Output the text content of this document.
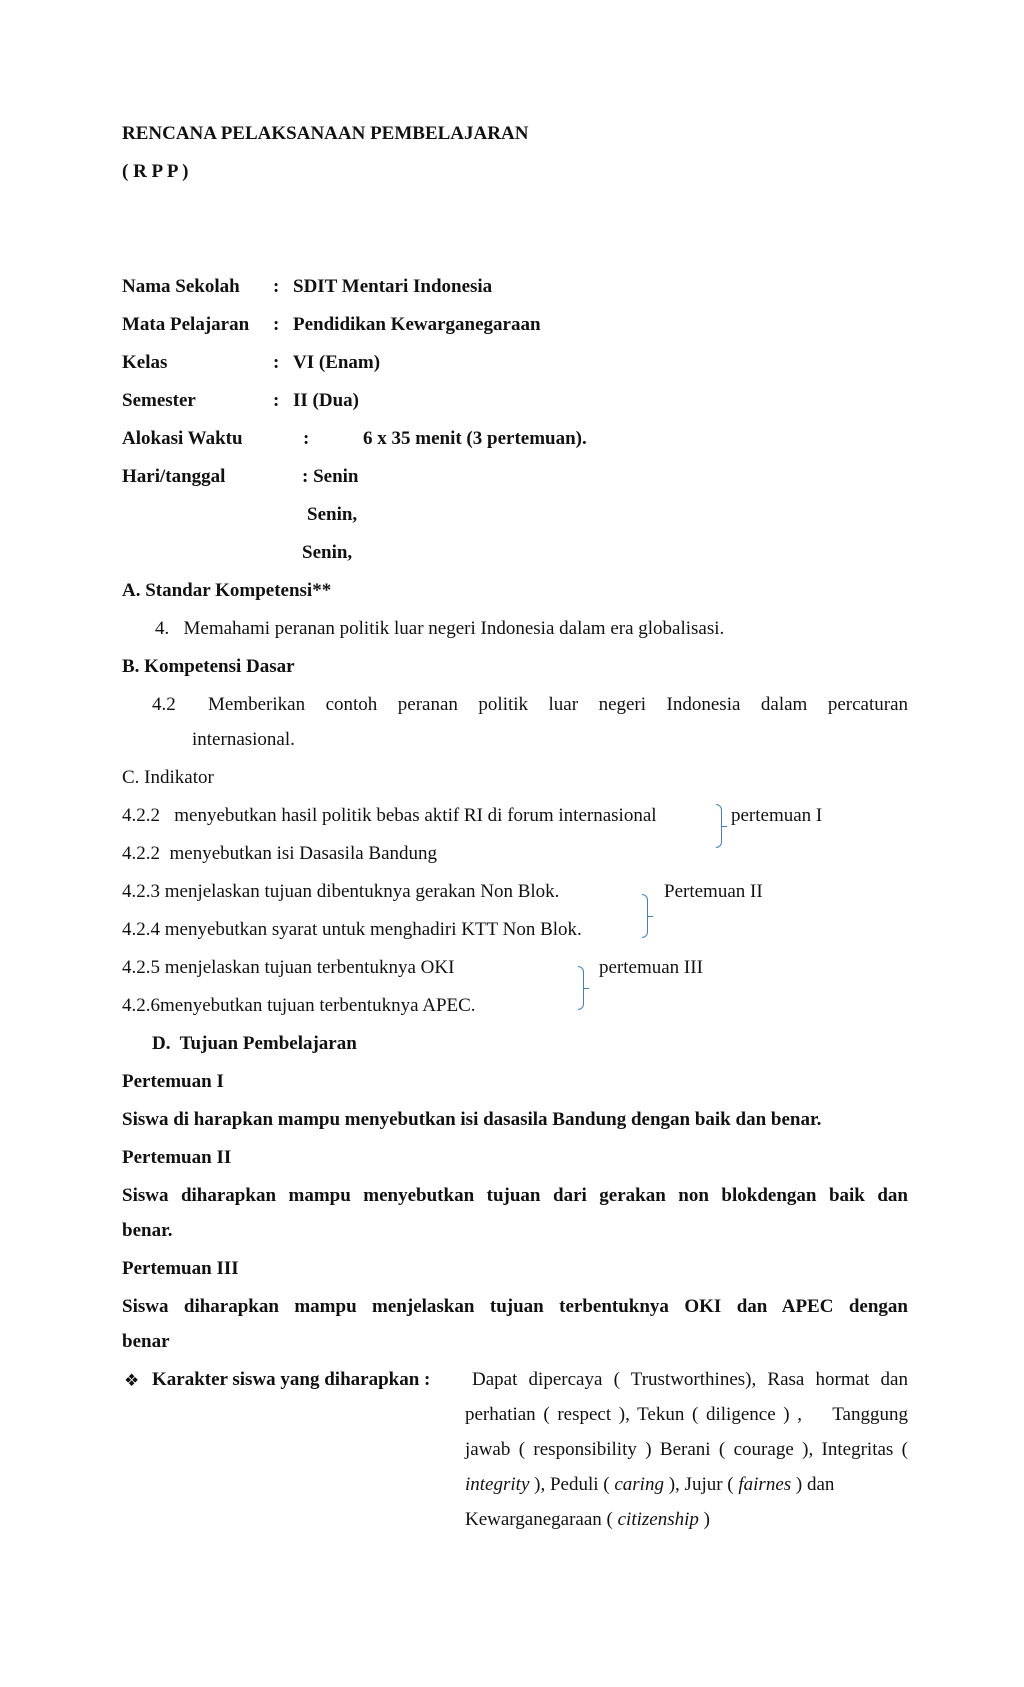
RENCANA PELAKSANAAN PEMBELAJARAN
( R P P )
Nama Sekolah : SDIT Mentari Indonesia
Mata Pelajaran : Pendidikan Kewarganegaraan
Kelas	: VI (Enam)
Semester	: II (Dua)
Alokasi Waktu	:	6 x 35 menit (3 pertemuan).
Hari/tanggal	: Senin
Senin,
Senin,
A. Standar Kompetensi**
4.   Memahami peranan politik luar negeri Indonesia dalam era globalisasi.
B. Kompetensi Dasar
4.2 Memberikan contoh peranan politik luar negeri Indonesia dalam percaturan
internasional.
C. Indikator
4.2.2   menyebutkan hasil politik bebas aktif RI di forum internasional
4.2.2  menyebutkan isi Dasasila Bandung
4.2.3 menjelaskan tujuan dibentuknya gerakan Non Blok.
4.2.4 menyebutkan syarat untuk menghadiri KTT Non Blok.
4.2.5 menjelaskan tujuan terbentuknya OKI
4.2.6menyebutkan tujuan terbentuknya APEC.
pertemuan I
Pertemuan II
pertemuan III
D.  Tujuan Pembelajaran
Pertemuan I
Siswa di harapkan mampu menyebutkan isi dasasila Bandung dengan baik dan benar.
Pertemuan II
Siswa diharapkan mampu menyebutkan tujuan dari gerakan non blokdengan baik dan
benar.
Pertemuan III
Siswa diharapkan mampu menjelaskan tujuan terbentuknya OKI dan APEC dengan
benar
❖ Karakter siswa yang diharapkan : Dapat dipercaya ( Trustworthines), Rasa hormat dan
perhatian ( respect ), Tekun ( diligence ) ,    Tanggung
jawab ( responsibility ) Berani ( courage ), Integritas (
integrity ), Peduli ( caring ), Jujur ( fairnes ) dan
Kewarganegaraan ( citizenship )
